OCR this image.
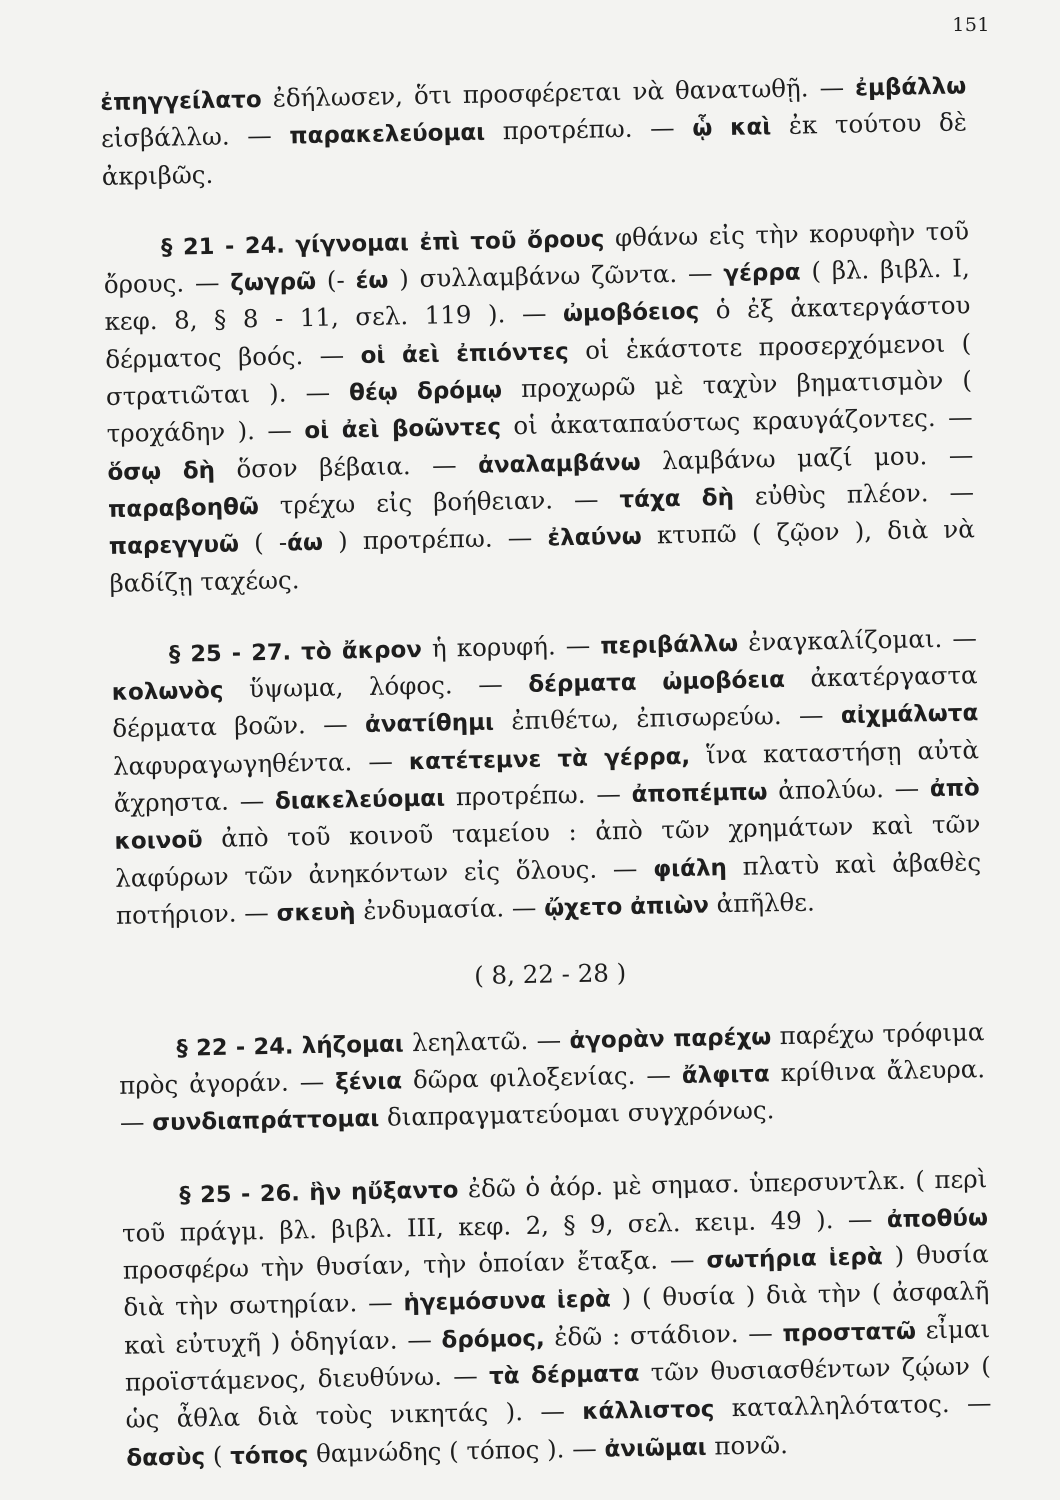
151

ἐπηγγείλατο ἐδήλωσεν, ὅτι προσφέρεται νὰ θανατωθῇ. — ἐμβάλλω εἰσβάλλω. — παρακελεύομαι προτρέπω. — ᾧ καὶ ἐκ τούτου δὲ ἀκριβῶς.

§ 21 - 24. γίγνομαι ἐπὶ τοῦ ὄρους φθάνω εἰς τὴν κορυφὴν τοῦ ὄρους. — ζωγρῶ (- έω ) συλλαμβάνω ζῶντα. — γέρρα ( βλ. βιβλ. I, κεφ. 8, § 8 - 11, σελ. 119 ). — ὠμοβόειος ὁ ἐξ ἀκατεργάστου δέρματος βοός. — οἱ ἀεὶ ἐπιόντες οἱ ἑκάστοτε προσερχόμενοι ( στρατιῶται ). — θέῳ δρόμῳ προχωρῶ μὲ ταχὺν βηματισμὸν ( τροχάδην ). — οἱ ἀεὶ βοῶντες οἱ ἀκαταπαύστως κραυγάζοντες. — ὅσῳ δὴ ὅσον βέβαια. — ἀναλαμβάνω λαμβάνω μαζί μου. — παραβοηθῶ τρέχω εἰς βοήθειαν. — τάχα δὴ εὐθὺς πλέον. — παρεγγυῶ ( -άω ) προτρέπω. — ἐλαύνω κτυπῶ ( ζῷον ), διὰ νὰ βαδίζῃ ταχέως.

§ 25 - 27. τὸ ἄκρον ἡ κορυφή. — περιβάλλω ἐναγκαλίζομαι. — κολωνὸς ὕψωμα, λόφος. — δέρματα ὠμοβόεια ἀκατέργαστα δέρματα βοῶν. — ἀνατίθημι ἐπιθέτω, ἐπισωρεύω. — αἰχμάλωτα λαφυραγωγηθέντα. — κατέτεμνε τὰ γέρρα, ἵνα καταστήσῃ αὐτὰ ἄχρηστα. — διακελεύομαι προτρέπω. — ἀποπέμπω ἀπολύω. — ἀπὸ κοινοῦ ἀπὸ τοῦ κοινοῦ ταμείου : ἀπὸ τῶν χρημάτων καὶ τῶν λαφύρων τῶν ἀνηκόντων εἰς ὅλους. — φιάλη πλατὺ καὶ ἀβαθὲς ποτήριον. — σκευὴ ἐνδυμασία. — ᾤχετο ἀπιὼν ἀπῆλθε.

( 8, 22 - 28 )

§ 22 - 24. λήζομαι λεηλατῶ. — ἀγορὰν παρέχω παρέχω τρόφιμα πρὸς ἀγοράν. — ξένια δῶρα φιλοξενίας. — ἄλφιτα κρίθινα ἄλευρα. — συνδιαπράττομαι διαπραγματεύομαι συγχρόνως.

§ 25 - 26. ἣν ηὔξαντο ἐδῶ ὁ ἀόρ. μὲ σημασ. ὑπερσυντλκ. ( περὶ τοῦ πράγμ. βλ. βιβλ. III, κεφ. 2, § 9, σελ. κειμ. 49 ). — ἀποθύω προσφέρω τὴν θυσίαν, τὴν ὁποίαν ἔταξα. — σωτήρια ἱερὰ ) θυσία διὰ τὴν σωτηρίαν. — ἡγεμόσυνα ἱερὰ ) ( θυσία ) διὰ τὴν ( ἀσφαλῆ καὶ εὐτυχῆ ) ὁδηγίαν. — δρόμος, ἐδῶ : στάδιον. — προστατῶ εἶμαι προϊστάμενος, διευθύνω. — τὰ δέρματα τῶν θυσιασθέντων ζῴων ( ὡς ἆθλα διὰ τοὺς νικητάς ). — κάλλιστος καταλληλότατος. — δασὺς ( τόπος θαμνώδης ( τόπος ). — ἀνιῶμαι πονῶ.
